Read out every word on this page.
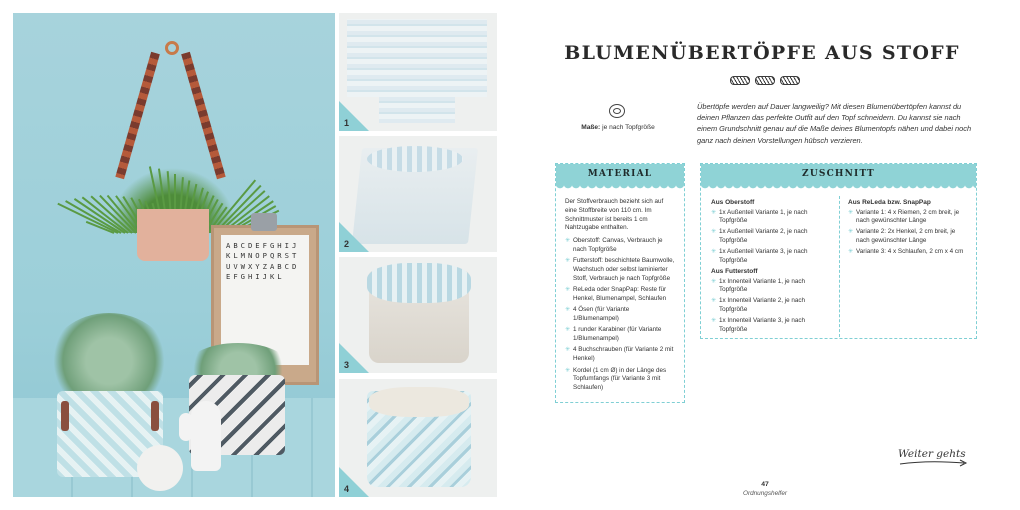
ABCDEFGHIJKLMNOPQRSTUVWXYZABCDEFGHIJKL
1
2
3
4
BLUMENÜBERTÖPFE AUS STOFF
Maße: je nach Topfgröße

Übertöpfe werden auf Dauer langweilig? Mit diesen Blumenübertöpfen kannst du deinen Pflanzen das perfekte Outfit auf den Topf schneidern. Du kannst sie nach einem Grundschnitt genau auf die Maße deines Blumentopfs nähen und dabei noch ganz nach deinen Vorstellungen hübsch verzieren.

MATERIAL

Der Stoffverbrauch bezieht sich auf eine Stoffbreite von 110 cm. Im Schnittmuster ist bereits 1 cm Nahtzugabe enthalten.

✳ Oberstoff: Canvas, Verbrauch je nach Topfgröße
✳ Futterstoff: beschichtete Baumwolle, Wachstuch oder selbst laminierter Stoff, Verbrauch je nach Topfgröße
✳ ReLeda oder SnapPap: Reste für Henkel, Blumenampel, Schlaufen
✳ 4 Ösen (für Variante 1/Blumenampel)
✳ 1 runder Karabiner (für Variante 1/Blumenampel)
✳ 4 Buchschrauben (für Variante 2 mit Henkel)
✳ Kordel (1 cm Ø) in der Länge des Topfumfangs (für Variante 3 mit Schlaufen)
ZUSCHNITT
Aus Oberstoff
✳ 1x Außenteil Variante 1, je nach Topfgröße
✳ 1x Außenteil Variante 2, je nach Topfgröße
✳ 1x Außenteil Variante 3, je nach Topfgröße
Aus Futterstoff
✳ 1x Innenteil Variante 1, je nach Topfgröße
✳ 1x Innenteil Variante 2, je nach Topfgröße
✳ 1x Innenteil Variante 3, je nach Topfgröße
Aus ReLeda bzw. SnapPap
✳ Variante 1: 4 x Riemen, 2 cm breit, je nach gewünschter Länge
✳ Variante 2: 2x Henkel, 2 cm breit, je nach gewünschter Länge
✳ Variante 3: 4 x Schlaufen, 2 cm x 4 cm
Weiter gehts
47
Ordnungshelfer
